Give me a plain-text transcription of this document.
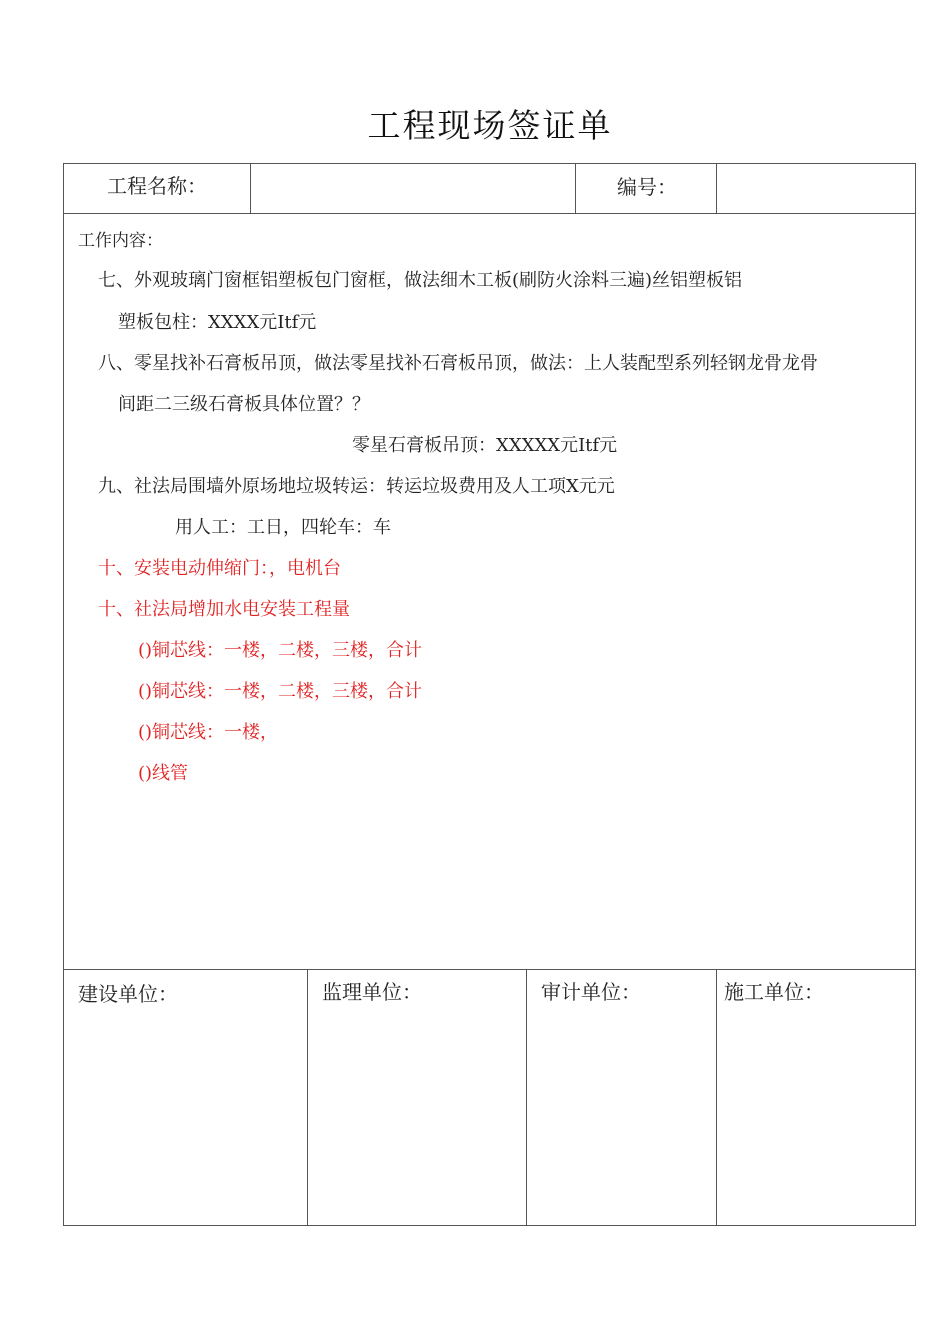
工程现场签证单
工程名称：	编号：
工作内容：
七、外观玻璃门窗框铝塑板包门窗框，做法细木工板(刷防火涂料三遍)丝铝塑板铝
塑板包柱：XXXX元Itf元
八、零星找补石膏板吊顶，做法零星找补石膏板吊顶，做法：上人装配型系列轻钢龙骨龙骨
间距二三级石膏板具体位置？？
零星石膏板吊顶：XXXXX元Itf元
九、社法局围墙外原场地垃圾转运：转运垃圾费用及人工项X元元
用人工：工日，四轮车：车
十、安装电动伸缩门：，电机台
十、社法局增加水电安装工程量
()铜芯线：一楼，二楼，三楼，合计
()铜芯线：一楼，二楼，三楼，合计
()铜芯线：一楼，
()线管
建设单位：	监理单位：	审计单位：	施工单位：
